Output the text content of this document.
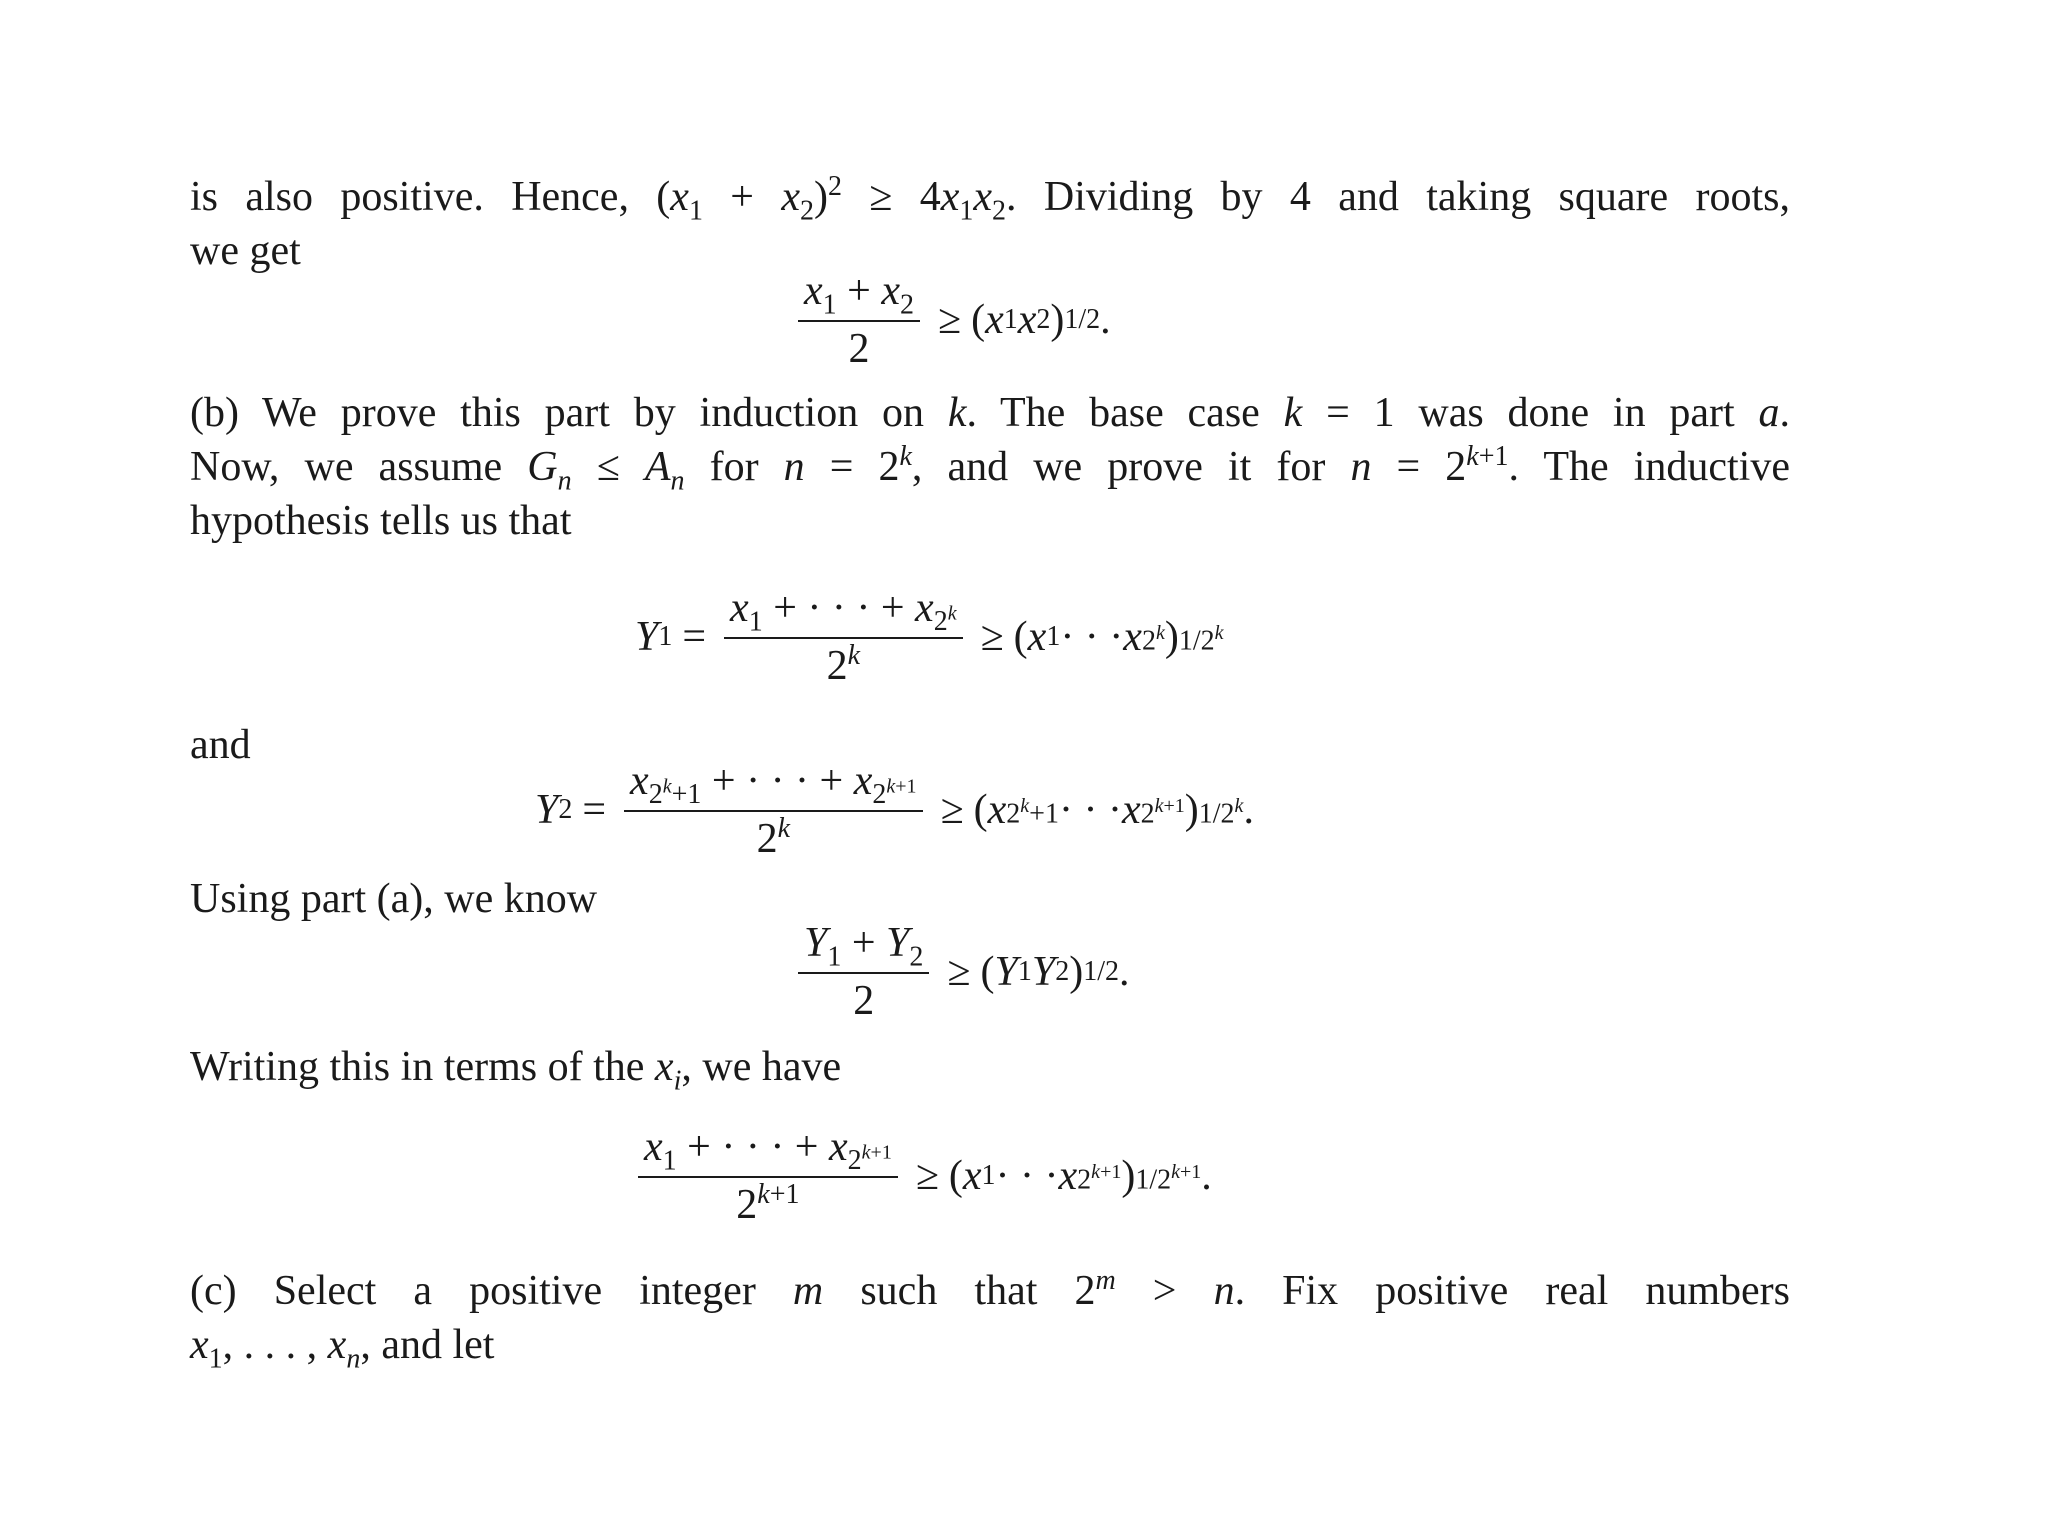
is also positive. Hence, $(x_1 + x_2)^2 \ge 4x_1x_2$. Dividing by 4 and taking square roots,
we get
$\frac{x_1 + x_2}{2}$ ≥ ( x 1 x 2 ) 1/2 .
(b) We prove this part by induction on k. The base case k = 1 was done in part a.
Now, we assume $G_n \le A_n$ for $n = 2^k$, and we prove it for $n = 2^{k+1}$. The inductive
hypothesis tells us that
Y $1 = \frac{x_1 + \cdot \cdot \cdot + x_{2^k}}{2^k}$ ≥ ( x 1 · · · x 2$^k$ ) 1/2$^k$
and
Y $2 = \frac{x_{2^k+1} + \cdot \cdot \cdot + x_{2^{k+1}}}{2^k}$ ≥ ( x $2^k+1$ · · · x $2^{k+1}$ ) 1/2$^k$ .
Using part (a), we know
$\frac{Y_1 + Y_2}{2}$ ≥ ( Y 1 Y 2 ) 1/2 .
Writing this in terms of the $x_i$, we have
$\frac{x_1 + \cdot \cdot \cdot + x_{2^{k+1}}}{2^{k+1}}$ ≥ ( x 1 · · · x $2^{k+1}$ ) $1/2^{k+1}$ .
(c) Select a positive integer m such that $2^m > n$. Fix positive real numbers
$x_1$, . . . , $x_n$, and let
